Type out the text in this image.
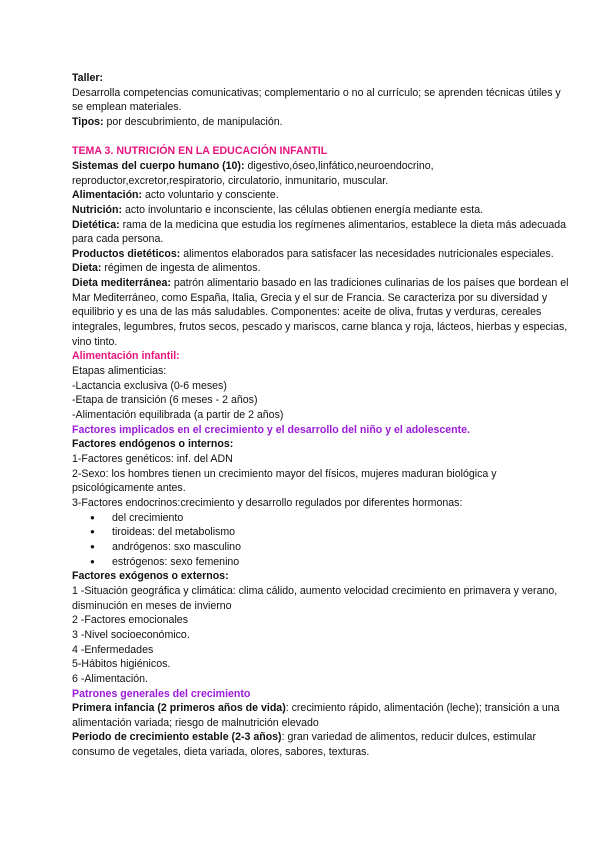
Taller:

Desarrolla competencias comunicativas; complementario o no al currículo; se aprenden técnicas útiles y se emplean materiales.

Tipos: por descubrimiento, de manipulación.

TEMA 3. NUTRICIÓN EN LA EDUCACIÓN INFANTIL

Sistemas del cuerpo humano (10): digestivo,óseo,linfático,neuroendocrino, reproductor,excretor,respiratorio, circulatorio, inmunitario, muscular.

Alimentación: acto voluntario y consciente.

Nutrición: acto involuntario e inconsciente, las células obtienen energía mediante esta.

Dietética: rama de la medicina que estudia los regímenes alimentarios, establece la dieta más adecuada para cada persona.

Productos dietéticos: alimentos elaborados para satisfacer las necesidades nutricionales especiales.

Dieta: régimen de ingesta de alimentos.

Dieta mediterránea: patrón alimentario basado en las tradiciones culinarias de los países que bordean el Mar Mediterráneo, como España, Italia, Grecia y el sur de Francia. Se caracteriza por su diversidad y equilibrio y es una de las más saludables. Componentes: aceite de oliva, frutas y verduras, cereales integrales, legumbres, frutos secos, pescado y mariscos, carne blanca y roja, lácteos, hierbas y especias, vino tinto.

Alimentación infantil:

Etapas alimenticias:

-Lactancia exclusiva (0-6 meses)

-Etapa de transición (6 meses - 2 años)

-Alimentación equilibrada (a partir de 2 años)

Factores implicados en el crecimiento y el desarrollo del niño y el adolescente.

Factores endógenos o internos:

1-Factores genéticos: inf. del ADN

2-Sexo: los hombres tienen un crecimiento mayor del físicos, mujeres maduran biológica y psicológicamente antes.

3-Factores endocrinos:crecimiento y desarrollo regulados por diferentes hormonas:

● del crecimiento
● tiroideas: del metabolismo
● andrógenos: sxo masculino
● estrógenos: sexo femenino

Factores exógenos o externos:

1 -Situación geográfica y climática: clima cálido, aumento velocidad crecimiento en primavera y verano, disminución en meses de invierno

2 -Factores emocionales

3 -Nivel socioeconómico.

4 -Enfermedades

5-Hábitos higiénicos.

6 -Alimentación.

Patrones generales del crecimiento

Primera infancia (2 primeros años de vida): crecimiento rápido, alimentación (leche); transición a una alimentación variada; riesgo de malnutrición elevado

Periodo de crecimiento estable (2-3 años): gran variedad de alimentos, reducir dulces, estimular consumo de vegetales, dieta variada, olores, sabores, texturas.
